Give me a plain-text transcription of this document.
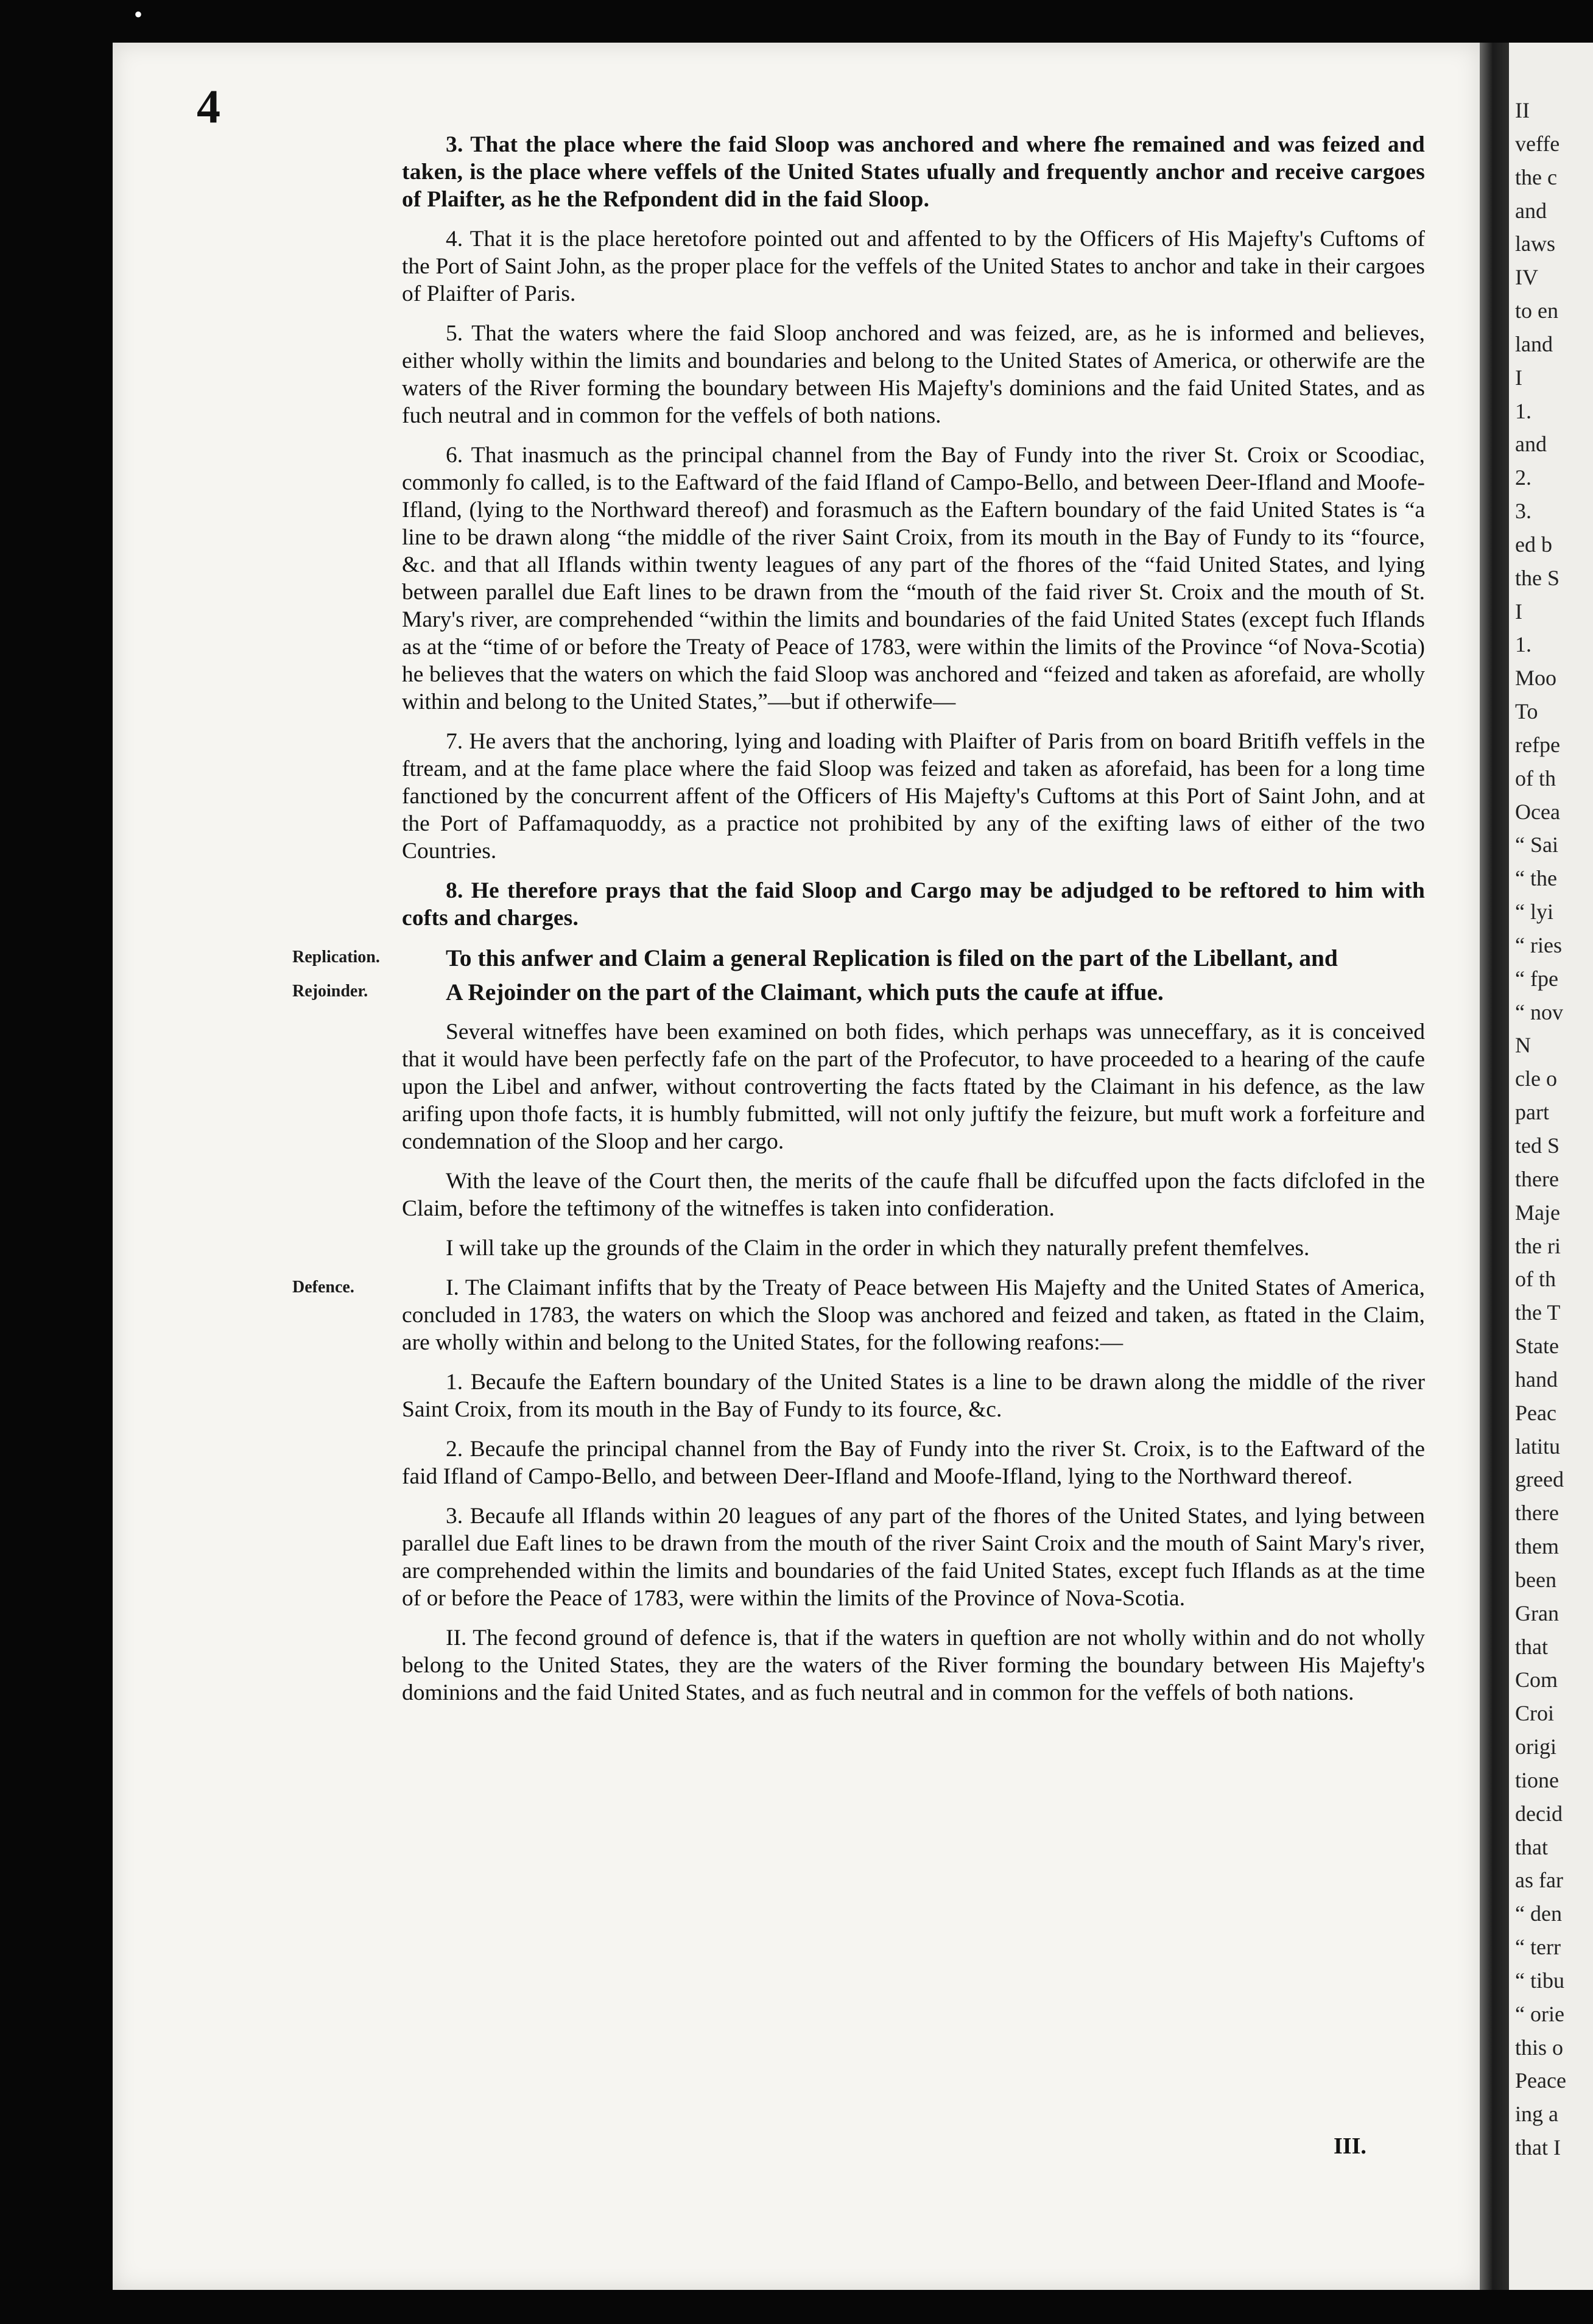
•

4

3. That the place where the faid Sloop was anchored and where fhe remained and was feized and taken, is the place where veffels of the United States ufually and frequently anchor and receive cargoes of Plaifter, as he the Refpondent did in the faid Sloop.

4. That it is the place heretofore pointed out and affented to by the Officers of His Majefty's Cuftoms of the Port of Saint John, as the proper place for the veffels of the United States to anchor and take in their cargoes of Plaifter of Paris.

5. That the waters where the faid Sloop anchored and was feized, are, as he is informed and believes, either wholly within the limits and boundaries and belong to the United States of America, or otherwife are the waters of the River forming the boundary between His Majefty's dominions and the faid United States, and as fuch neutral and in common for the veffels of both nations.

6. That inasmuch as the principal channel from the Bay of Fundy into the river St. Croix or Scoodiac, commonly fo called, is to the Eaftward of the faid Ifland of Campo-Bello, and between Deer-Ifland and Moofe-Ifland, (lying to the Northward thereof) and forasmuch as the Eaftern boundary of the faid United States is “a line to be drawn along “the middle of the river Saint Croix, from its mouth in the Bay of Fundy to its “fource, &c. and that all Iflands within twenty leagues of any part of the fhores of the “faid United States, and lying between parallel due Eaft lines to be drawn from the “mouth of the faid river St. Croix and the mouth of St. Mary's river, are comprehended “within the limits and boundaries of the faid United States (except fuch Iflands as at the “time of or before the Treaty of Peace of 1783, were within the limits of the Province “of Nova-Scotia) he believes that the waters on which the faid Sloop was anchored and “feized and taken as aforefaid, are wholly within and belong to the United States,”—but if otherwife—

7. He avers that the anchoring, lying and loading with Plaifter of Paris from on board Britifh veffels in the ftream, and at the fame place where the faid Sloop was feized and taken as aforefaid, has been for a long time fanctioned by the concurrent affent of the Officers of His Majefty's Cuftoms at this Port of Saint John, and at the Port of Paffamaquoddy, as a practice not prohibited by any of the exifting laws of either of the two Countries.

8. He therefore prays that the faid Sloop and Cargo may be adjudged to be reftored to him with cofts and charges.

To this anfwer and Claim a general Replication is filed on the part of the Libellant, and

A Rejoinder on the part of the Claimant, which puts the caufe at iffue.

Several witneffes have been examined on both fides, which perhaps was unneceffary, as it is conceived that it would have been perfectly fafe on the part of the Profecutor, to have proceeded to a hearing of the caufe upon the Libel and anfwer, without controverting the facts ftated by the Claimant in his defence, as the law arifing upon thofe facts, it is humbly fubmitted, will not only juftify the feizure, but muft work a forfeiture and condemnation of the Sloop and her cargo.

With the leave of the Court then, the merits of the caufe fhall be difcuffed upon the facts difclofed in the Claim, before the teftimony of the witneffes is taken into confideration.

I will take up the grounds of the Claim in the order in which they naturally prefent themfelves.

I. The Claimant infifts that by the Treaty of Peace between His Majefty and the United States of America, concluded in 1783, the waters on which the Sloop was anchored and feized and taken, as ftated in the Claim, are wholly within and belong to the United States, for the following reafons:—

1. Becaufe the Eaftern boundary of the United States is a line to be drawn along the middle of the river Saint Croix, from its mouth in the Bay of Fundy to its fource, &c.

2. Becaufe the principal channel from the Bay of Fundy into the river St. Croix, is to the Eaftward of the faid Ifland of Campo-Bello, and between Deer-Ifland and Moofe-Ifland, lying to the Northward thereof.

3. Becaufe all Iflands within 20 leagues of any part of the fhores of the United States, and lying between parallel due Eaft lines to be drawn from the mouth of the river Saint Croix and the mouth of Saint Mary's river, are comprehended within the limits and boundaries of the faid United States, except fuch Iflands as at the time of or before the Peace of 1783, were within the limits of the Province of Nova-Scotia.

II. The fecond ground of defence is, that if the waters in queftion are not wholly within and do not wholly belong to the United States, they are the waters of the River forming the boundary between His Majefty's dominions and the faid United States, and as fuch neutral and in common for the veffels of both nations.

Replication.

Rejoinder.

Defence.

III.

II

veffe

the c

and

laws

IV

to en

land

I

1.

and

2.

3.

ed b

the S

I

1.

Moo

To

refpe

of th

Ocea

“ Sai

“ the

“ lyi

“ ries

“ fpe

“ nov

N

cle o

part

ted S

there

Maje

the ri

of th

the T

State

hand

Peac

latitu

greed

there

them

been

Gran

that

Com

Croi

origi

tione

decid

that

as far

“ den

“ terr

“ tibu

“ orie

this o

Peace

ing a

that I
